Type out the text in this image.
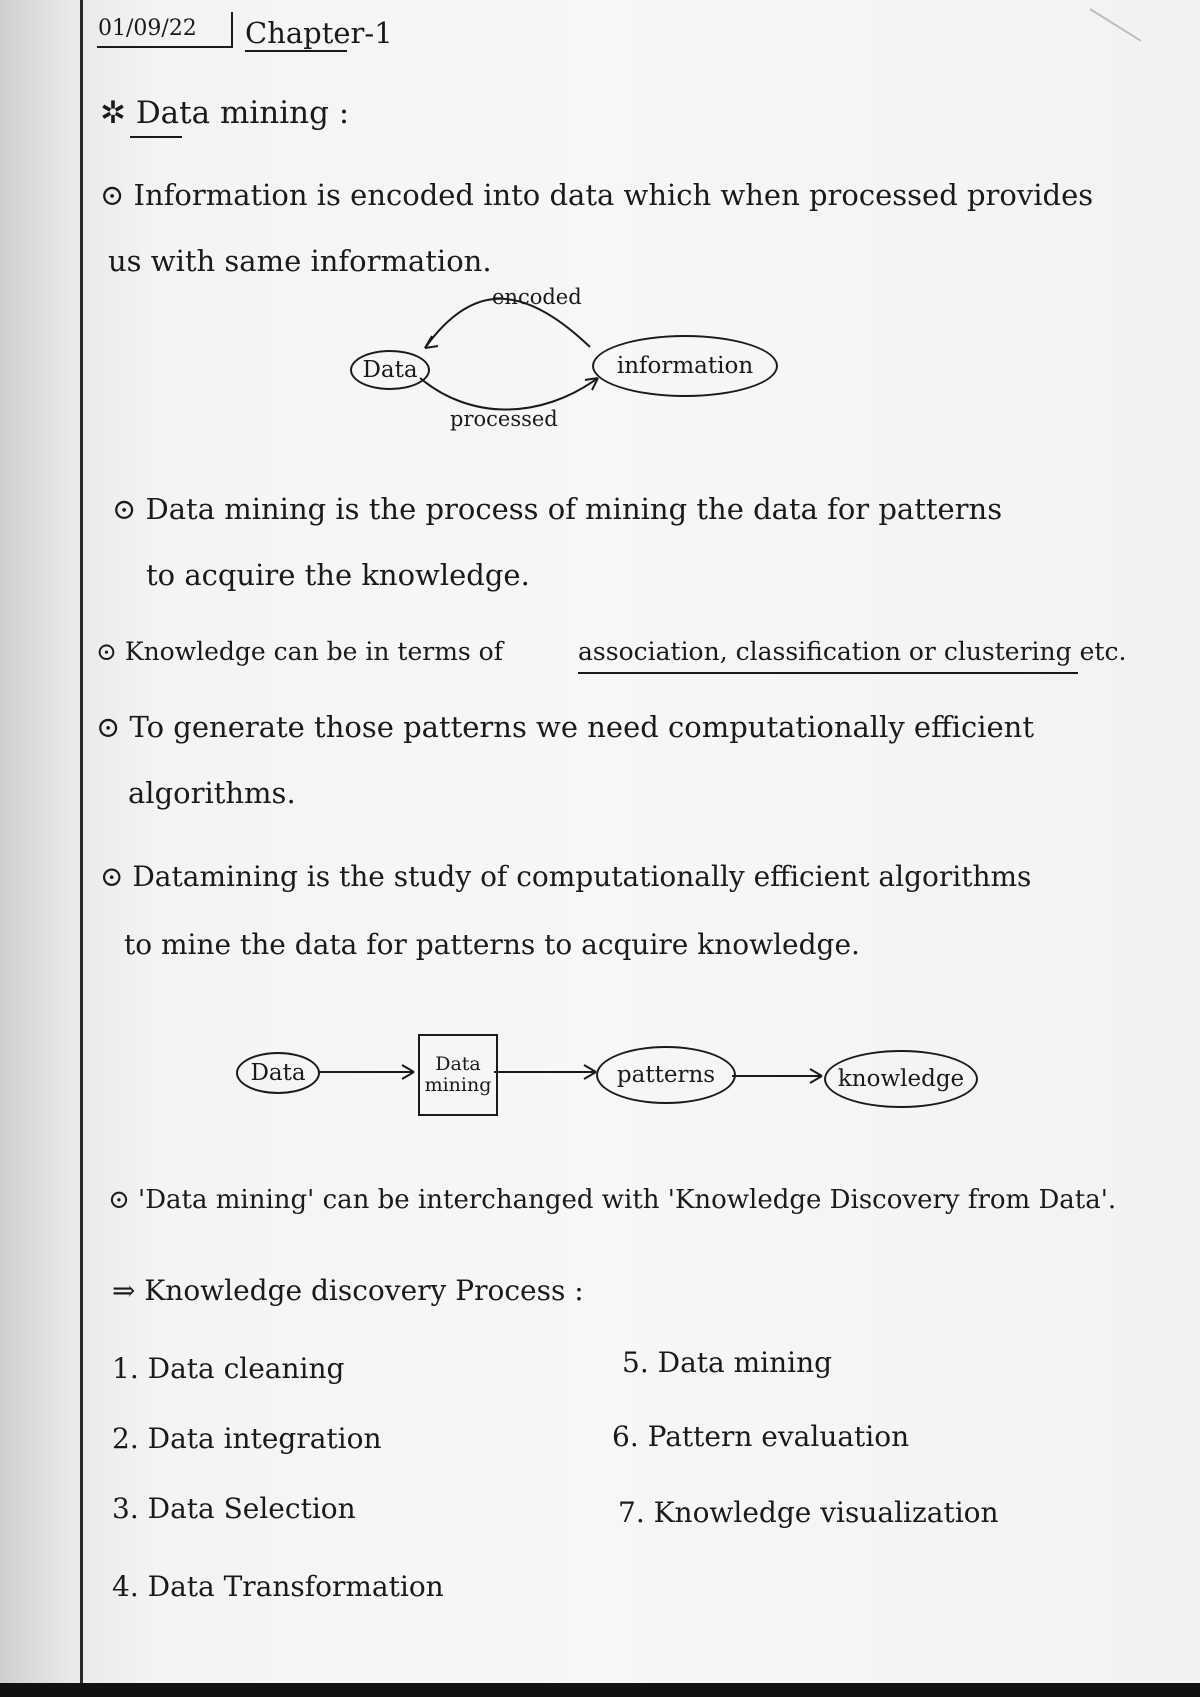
01/09/22 Chapter-1
✲ Data mining :
⊙ Information is encoded into data which when processed provides
us with same information.
encoded
Data	information
processed
⊙ Data mining is the process of mining the data for patterns
to acquire the knowledge.
⊙ Knowledge can be in terms of	association, classification or clustering etc.
⊙ To generate those patterns we need computationally efficient
algorithms.
⊙ Datamining is the study of computationally efficient algorithms
to mine the data for patterns to acquire knowledge.
Data	Data
mining	patterns	knowledge
⊙ 'Data mining' can be interchanged with 'Knowledge Discovery from Data'.
⇒ Knowledge discovery Process :
1. Data cleaning
2. Data integration
3. Data Selection
4. Data Transformation
5. Data mining
6. Pattern evaluation
7. Knowledge visualization
